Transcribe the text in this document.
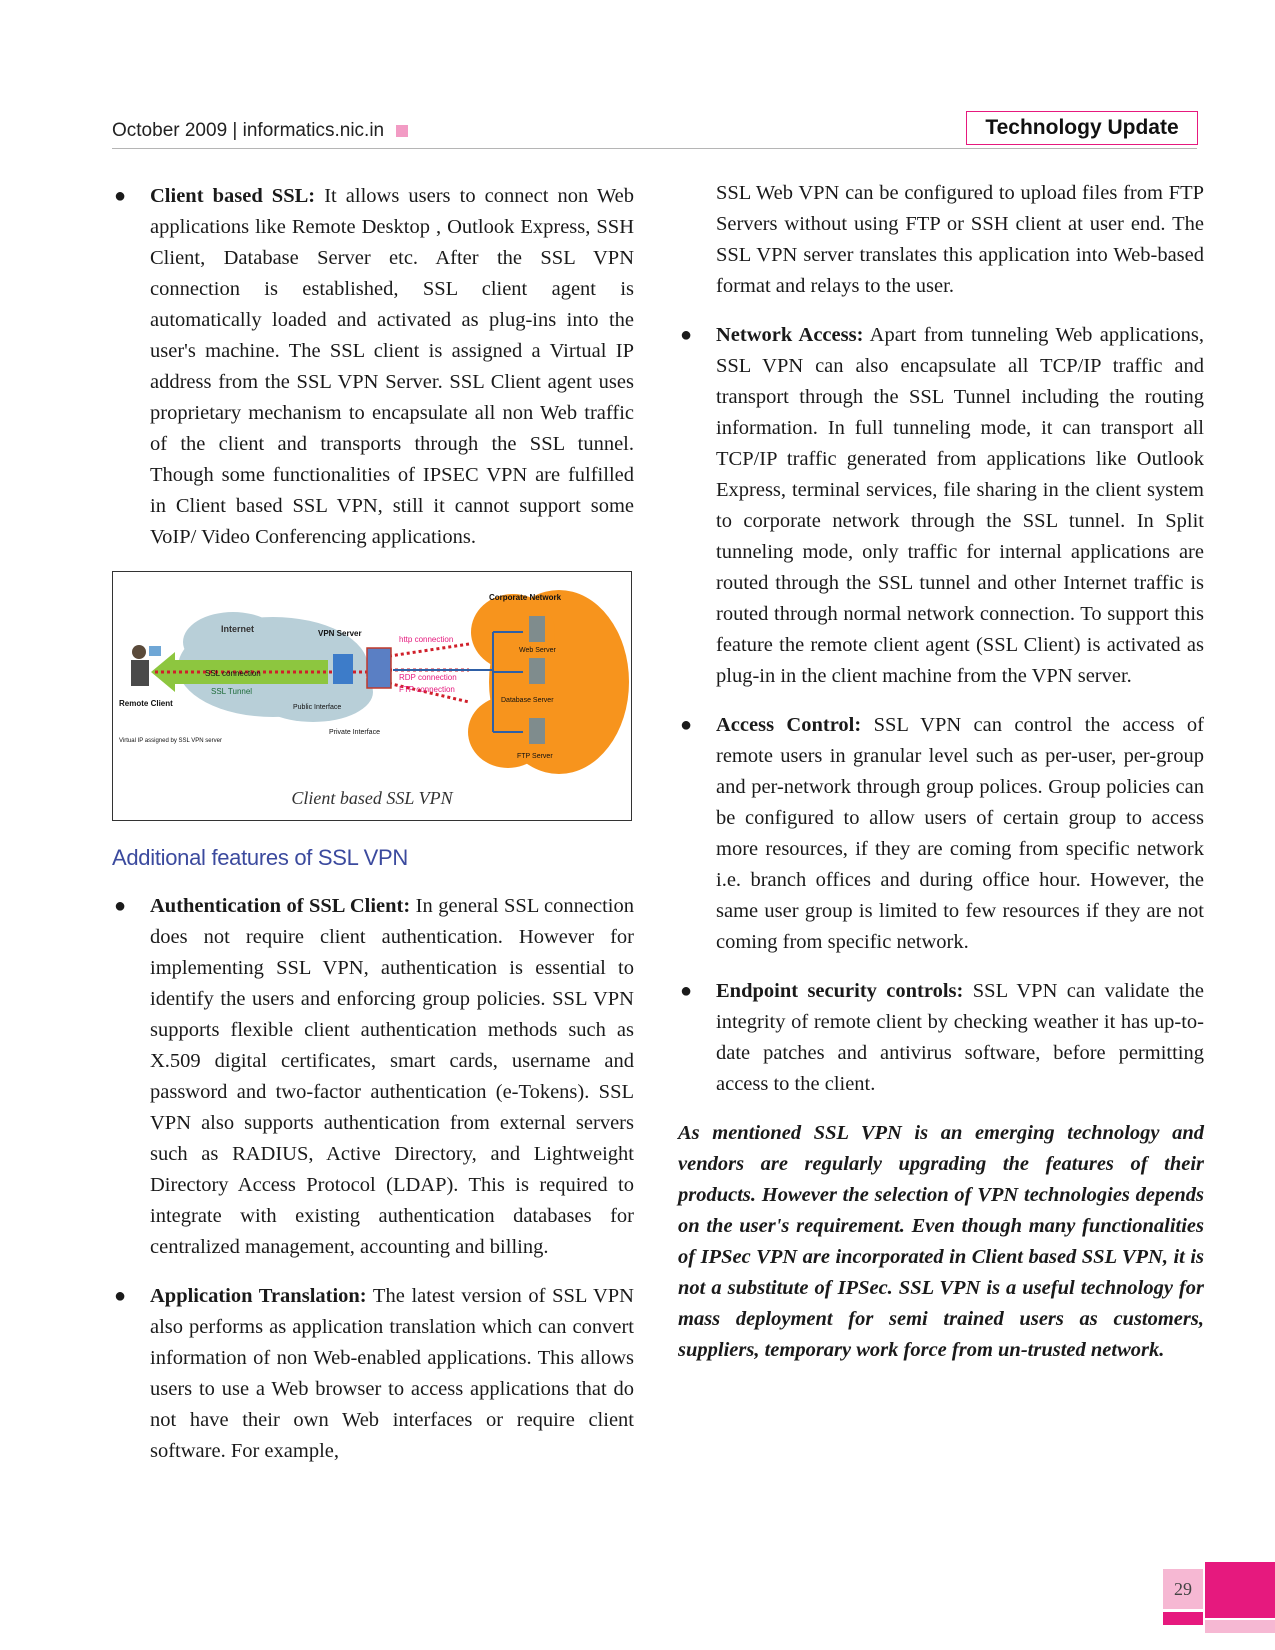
October 2009 | informatics.nic.in	Technology Update
● Client based SSL: It allows users to connect non Web applications like Remote Desktop , Outlook Express, SSH Client, Database Server etc. After the SSL VPN connection is established, SSL client agent is automatically loaded and activated as plug-ins into the user's machine. The SSL client is assigned a Virtual IP address from the SSL VPN Server. SSL Client agent uses proprietary mechanism to encapsulate all non Web traffic of the client and transports through the SSL tunnel. Though some functionalities of IPSEC VPN are fulfilled in Client based SSL VPN, still it cannot support some VoIP/ Video Conferencing applications.
Internet	VPN Server
Corporate Network
http connection
RDP connection
FTP connection
SSL connection
SSL Tunnel
Remote Client	Public Interface
Private Interface
Virtual IP assigned by SSL VPN server
Web Server
Database Server
FTP Server
Client based SSL VPN
Additional features of SSL VPN
● Authentication of SSL Client: In general SSL connection does not require client authentication. However for implementing SSL VPN, authentication is essential to identify the users and enforcing group policies. SSL VPN supports flexible client authentication methods such as X.509 digital certificates, smart cards, username and password and two-factor authentication (e-Tokens). SSL VPN also supports authentication from external servers such as RADIUS, Active Directory, and Lightweight Directory Access Protocol (LDAP). This is required to integrate with existing authentication databases for centralized management, accounting and billing.
● Application Translation: The latest version of SSL VPN also performs as application translation which can convert information of non Web-enabled applications. This allows users to use a Web browser to access applications that do not have their own Web interfaces or require client software. For example,
SSL Web VPN can be configured to upload files from FTP Servers without using FTP or SSH client at user end. The SSL VPN server translates this application into Web-based format and relays to the user.
● Network Access: Apart from tunneling Web applications, SSL VPN can also encapsulate all TCP/IP traffic and transport through the SSL Tunnel including the routing information. In full tunneling mode, it can transport all TCP/IP traffic generated from applications like Outlook Express, terminal services, file sharing in the client system to corporate network through the SSL tunnel. In Split tunneling mode, only traffic for internal applications are routed through the SSL tunnel and other Internet traffic is routed through normal network connection. To support this feature the remote client agent (SSL Client) is activated as plug-in in the client machine from the VPN server.
● Access Control: SSL VPN can control the access of remote users in granular level such as per-user, per-group and per-network through group polices. Group policies can be configured to allow users of certain group to access more resources, if they are coming from specific network i.e. branch offices and during office hour. However, the same user group is limited to few resources if they are not coming from specific network.
● Endpoint security controls: SSL VPN can validate the integrity of remote client by checking weather it has up-to-date patches and antivirus software, before permitting access to the client.
As mentioned SSL VPN is an emerging technology and vendors are regularly upgrading the features of their products. However the selection of VPN technologies depends on the user's requirement. Even though many functionalities of IPSec VPN are incorporated in Client based SSL VPN, it is not a substitute of IPSec. SSL VPN is a useful technology for mass deployment for semi trained users as customers, suppliers, temporary work force from un-trusted network.
29
